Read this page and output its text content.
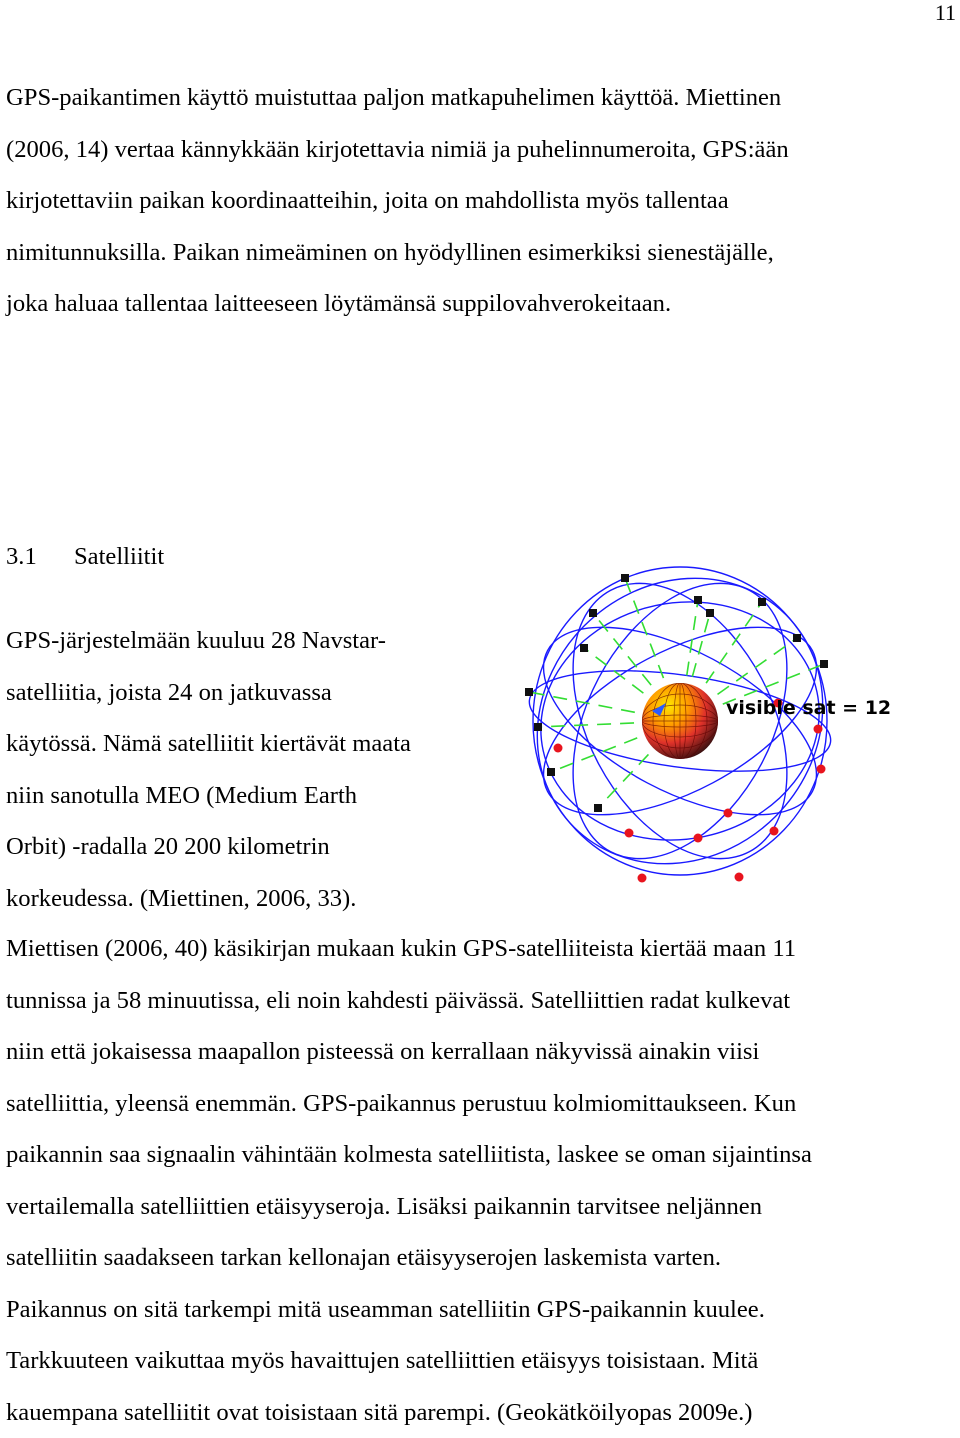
11
GPS-paikantimen käyttö muistuttaa paljon matkapuhelimen käyttöä. Miettinen
(2006, 14) vertaa kännykkään kirjotettavia nimiä ja puhelinnumeroita, GPS:ään
kirjotettaviin paikan koordinaatteihin, joita on mahdollista myös tallentaa
nimitunnuksilla. Paikan nimeäminen on hyödyllinen esimerkiksi sienestäjälle,
joka haluaa tallentaa laitteeseen löytämänsä suppilovahverokeitaan.
3.1 Satelliitit
GPS-järjestelmään kuuluu 28 Navstar-
satelliitia, joista 24 on jatkuvassa
käytössä. Nämä satelliitit kiertävät maata
niin sanotulla MEO (Medium Earth
Orbit) -radalla 20 200 kilometrin
korkeudessa. (Miettinen, 2006, 33).
visible sat = 12
Miettisen (2006, 40) käsikirjan mukaan kukin GPS-satelliiteista kiertää maan 11
tunnissa ja 58 minuutissa, eli noin kahdesti päivässä. Satelliittien radat kulkevat
niin että jokaisessa maapallon pisteessä on kerrallaan näkyvissä ainakin viisi
satelliittia, yleensä enemmän. GPS-paikannus perustuu kolmiomittaukseen. Kun
paikannin saa signaalin vähintään kolmesta satelliitista, laskee se oman sijaintinsa
vertailemalla satelliittien etäisyyseroja. Lisäksi paikannin tarvitsee neljännen
satelliitin saadakseen tarkan kellonajan etäisyyserojen laskemista varten.
Paikannus on sitä tarkempi mitä useamman satelliitin GPS-paikannin kuulee.
Tarkkuuteen vaikuttaa myös havaittujen satelliittien etäisyys toisistaan. Mitä
kauempana satelliitit ovat toisistaan sitä parempi. (Geokätköilyopas 2009e.)
